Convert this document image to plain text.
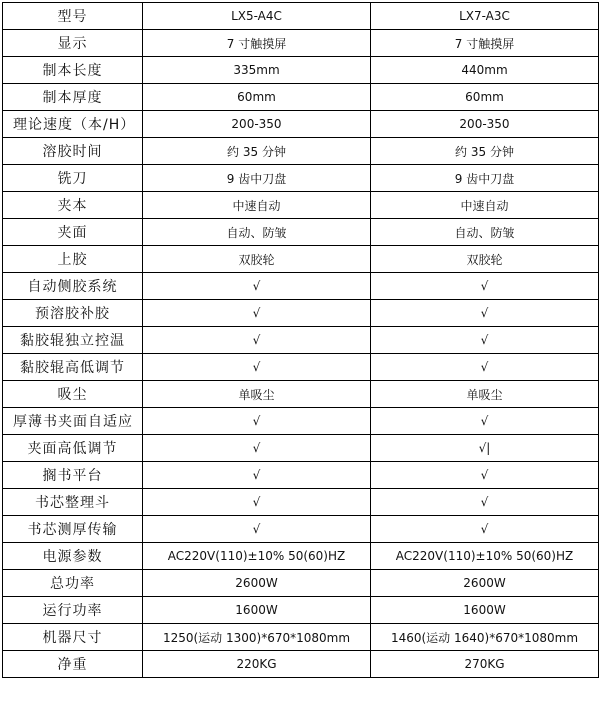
型号	LX5-A4C	LX7-A3C
显示	7 寸触摸屏	7 寸触摸屏
制本长度	335mm	440mm
制本厚度	60mm	60mm
理论速度（本/H）	200-350	200-350
溶胶时间	约 35 分钟	约 35 分钟
铣刀	9 齿中刀盘	9 齿中刀盘
夹本	中速自动	中速自动
夹面	自动、防皱	自动、防皱
上胶	双胶轮	双胶轮
自动侧胶系统	√	√
预溶胶补胶	√	√
黏胶辊独立控温	√	√
黏胶辊高低调节	√	√
吸尘	单吸尘	单吸尘
厚薄书夹面自适应	√	√
夹面高低调节	√	√|
搁书平台	√	√
书芯整理斗	√	√
书芯测厚传输	√	√
电源参数	AC220V(110)±10% 50(60)HZ	AC220V(110)±10% 50(60)HZ
总功率	2600W	2600W
运行功率	1600W	1600W
机器尺寸	1250(运动 1300)*670*1080mm	1460(运动 1640)*670*1080mm
净重	220KG	270KG
